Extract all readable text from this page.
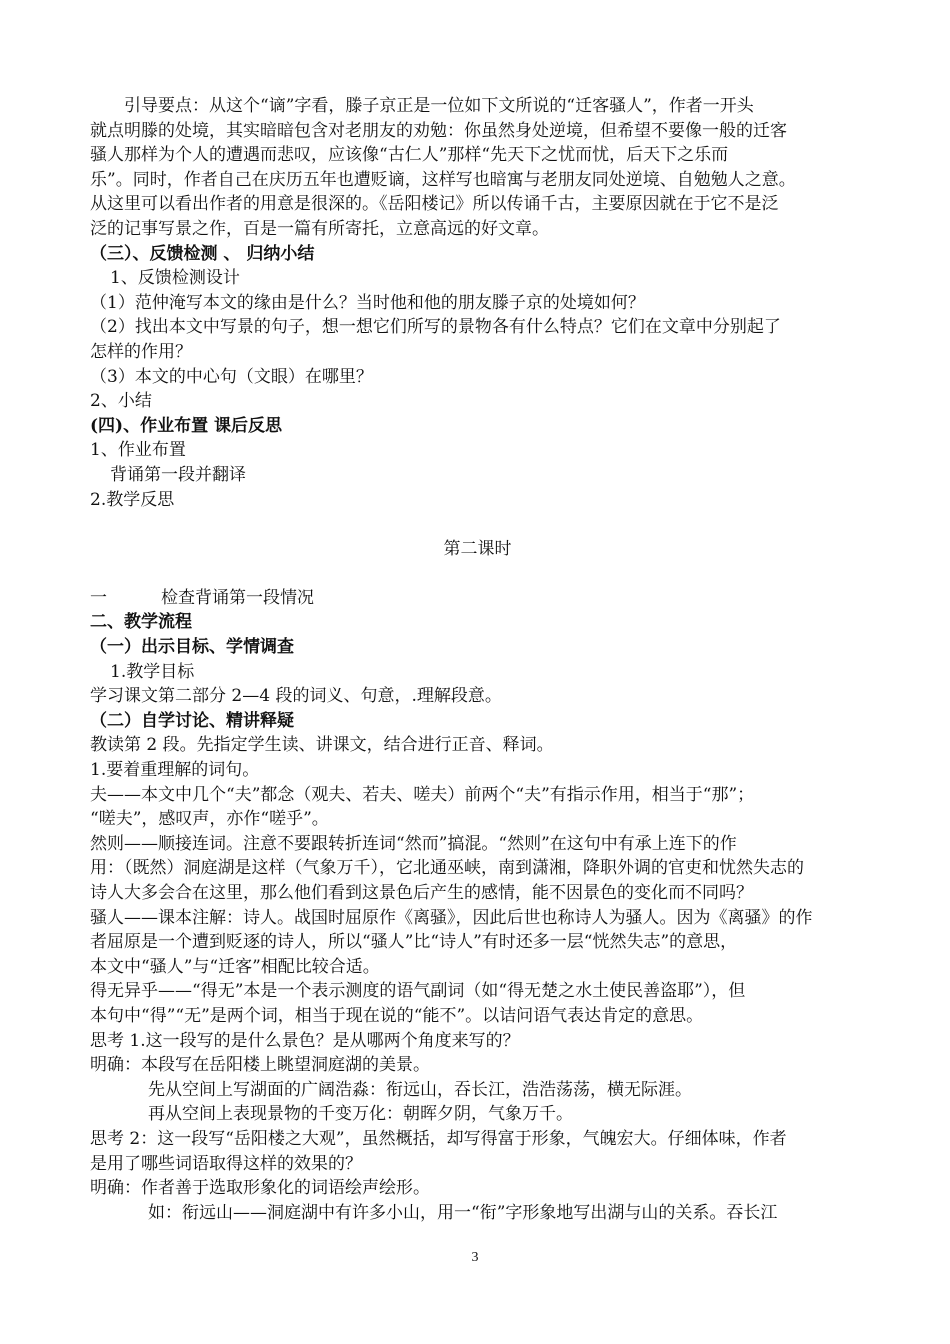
引导要点：从这个“谪”字看，滕子京正是一位如下文所说的“迁客骚人”，作者一开头
就点明滕的处境，其实暗暗包含对老朋友的劝勉：你虽然身处逆境，但希望不要像一般的迁客
骚人那样为个人的遭遇而悲叹，应该像“古仁人”那样“先天下之忧而忧，后天下之乐而
乐”。同时，作者自己在庆历五年也遭贬谪，这样写也暗寓与老朋友同处逆境、自勉勉人之意。
从这里可以看出作者的用意是很深的。《岳阳楼记》所以传诵千古，主要原因就在于它不是泛
泛的记事写景之作，百是一篇有所寄托，立意高远的好文章。
（三）、反馈检测 、 归纳小结
1、反馈检测设计
（1）范仲淹写本文的缘由是什么？当时他和他的朋友滕子京的处境如何？
（2）找出本文中写景的句子，想一想它们所写的景物各有什么特点？它们在文章中分别起了
怎样的作用？
（3）本文的中心句（文眼）在哪里？
2、小结
(四)、作业布置 课后反思
1、作业布置
背诵第一段并翻译
2.教学反思
第二课时
一	检查背诵第一段情况
二、教学流程
（一）出示目标、学情调查
1.教学目标
学习课文第二部分 2—4 段的词义、句意，.理解段意。
（二）自学讨论、精讲释疑
教读第 2 段。先指定学生读、讲课文，结合进行正音、释词。
1.要着重理解的词句。
夫——本文中几个“夫”都念（观夫、若夫、嗟夫）前两个“夫”有指示作用，相当于“那”；
“嗟夫”，感叹声，亦作“嗟乎”。
然则——顺接连词。注意不要跟转折连词“然而”搞混。“然则”在这句中有承上连下的作
用：（既然）洞庭湖是这样（气象万千），它北通巫峡，南到潇湘，降职外调的官吏和忧然失志的
诗人大多会合在这里，那么他们看到这景色后产生的感情，能不因景色的变化而不同吗？
骚人——课本注解：诗人。战国时屈原作《离骚》，因此后世也称诗人为骚人。因为《离骚》的作
者屈原是一个遭到贬逐的诗人，所以“骚人”比“诗人”有时还多一层“恍然失志”的意思，
本文中“骚人”与“迁客”相配比较合适。
得无异乎——“得无”本是一个表示测度的语气副词（如“得无楚之水土使民善盗耶”），但
本句中“得”“无”是两个词，相当于现在说的“能不”。以诘问语气表达肯定的意思。
思考 1.这一段写的是什么景色？是从哪两个角度来写的？
明确：本段写在岳阳楼上眺望洞庭湖的美景。
先从空间上写湖面的广阔浩淼：衔远山，吞长江，浩浩荡荡，横无际涯。
再从空间上表现景物的千变万化：朝晖夕阴，气象万千。
思考 2：这一段写“岳阳楼之大观”，虽然概括，却写得富于形象，气魄宏大。仔细体味，作者
是用了哪些词语取得这样的效果的？
明确：作者善于选取形象化的词语绘声绘形。
如：衔远山——洞庭湖中有许多小山，用一“衔”字形象地写出湖与山的关系。吞长江
3
